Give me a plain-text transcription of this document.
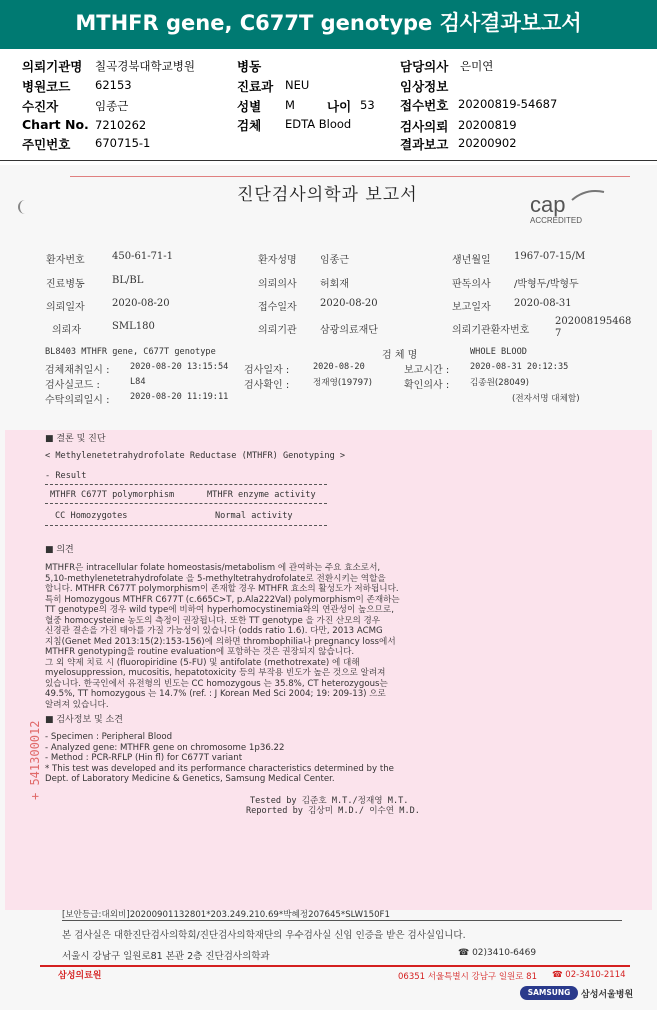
MTHFR gene, C677T genotype 검사결과보고서
의뢰기관명 칠곡경북대학교병원
병원코드 62153
수진자	임종근
Chart No. 7210262
주민번호 670715-1
병동
진료과 NEU
성별 M	나이 53
검체 EDTA Blood
담당의사 은미연
임상정보
접수번호 20200819-54687
검사의뢰 20200819
결과보고 20200902
진단검사의학과 보고서	cap
ACCREDITED
환자번호	450-61-71-1	환자성명 임종근	생년월일 1967-07-15/M
진료병동	BL/BL	의뢰의사 허회재	판독의사 /박형두/박형두
의뢰일자	2020-08-20	접수일자 2020-08-20	보고일자 2020-08-31
의뢰자	SML180	의뢰기관 삼광의료재단	의뢰기관환자번호
202008195468
7
BL8403 MTHFR gene, C677T genotype	검 체 명	WHOLE BLOOD
검체채취일시 : 2020-08-20 13:15:54 검사일자 :	2020-08-20	보고시간 : 2020-08-31 20:12:35
검사실코드 :	L84	검사확인 :	정재영(19797)	확인의사 : 김종원(28049)
수탁의뢰일시 : 2020-08-20 11:19:11	(전자서명 대체함)
■ 결론 및 진단
< Methylenetetrahydrofolate Reductase (MTHFR) Genotyping >
- Result
MTHFR C677T polymorphism	MTHFR enzyme activity
CC Homozygotes	Normal activity
■ 의견
MTHFR은 intracellular folate homeostasis/metabolism 에 관여하는 주요 효소로서,
5,10-methylenetetrahydrofolate 을 5-methyltetrahydrofolate로 전환시키는 역할을
합니다. MTHFR C677T polymorphism이 존재할 경우 MTHFR 효소의 활성도가 저하됩니다.
특히 Homozygous MTHFR C677T (c.665C>T, p.Ala222Val) polymorphism이 존재하는
TT genotype의 경우 wild type에 비하여 hyperhomocystinemia와의 연관성이 높으므로,
혈중 homocysteine 농도의 측정이 권장됩니다. 또한 TT genotype 을 가진 산모의 경우
신경관 결손을 가진 태아를 가질 가능성이 있습니다 (odds ratio 1.6). 다만, 2013 ACMG
지침(Genet Med 2013:15(2):153-156)에 의하면 thrombophilia나 pregnancy loss에서
MTHFR genotyping을 routine evaluation에 포함하는 것은 권장되지 않습니다.
그 외 약제 치료 시 (fluoropiridine (5-FU) 및 antifolate (methotrexate) 에 대해
myelosuppression, mucositis, hepatotoxicity 등의 부작용 빈도가 높은 것으로 알려져
있습니다. 한국인에서 유전형의 빈도는 CC homozygous 는 35.8%, CT heterozygous는
49.5%, TT homozygous 는 14.7% (ref. : J Korean Med Sci 2004; 19: 209-13) 으로
알려져 있습니다.
■ 검사정보 및 소견
- Specimen : Peripheral Blood
- Analyzed gene: MTHFR gene on chromosome 1p36.22
- Method : PCR-RFLP (Hin fl) for C677T variant
* This test was developed and its performance characteristics determined by the
Dept. of Laboratory Medicine & Genetics, Samsung Medical Center.
Tested by 김준호 M.T./정재영 M.T.
Reported by 김상미 M.D./ 이수연 M.D.
+ 541300012
[보안등급:대외비]20200901132801*203.249.210.69*박혜정207645*SLW150F1
본 검사실은 대한진단검사의학회/진단검사의학재단의 우수검사실 신임 인증을 받은 검사실입니다.
서울시 강남구 일원로81 본관 2층 진단검사의학과	☎ 02)3410-6469
삼성의료원	06351 서울특별시 강남구 일원로 81 ☎ 02-3410-2114
SAMSUNG	삼성서울병원
